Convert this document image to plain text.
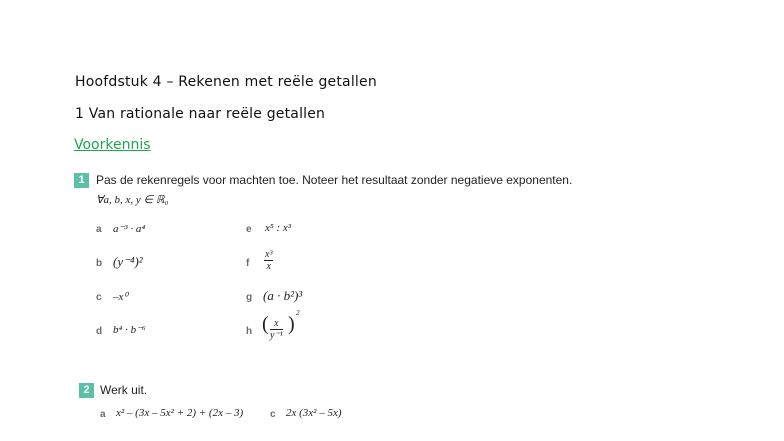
Hoofdstuk 4 – Rekenen met reële getallen
1 Van rationale naar reële getallen
Voorkennis
1 Pas de rekenregels voor machten toe. Noteer het resultaat zonder negatieve exponenten.
∀a, b, x, y ∈ ℝ₀
a a⁻³ · a⁴
b (y⁻⁴)²
c –x⁰
d b⁴ · b⁻⁶
e x⁵ : x³
f $\frac{\text{x³}}{x}$
g (a · b²)³
h ( $\frac{x}{\text{y⁻¹}}$ ) 2
2 Werk uit.
a x² – (3x – 5x² + 2) + (2x – 3)	c 2x (3x² – 5x)
